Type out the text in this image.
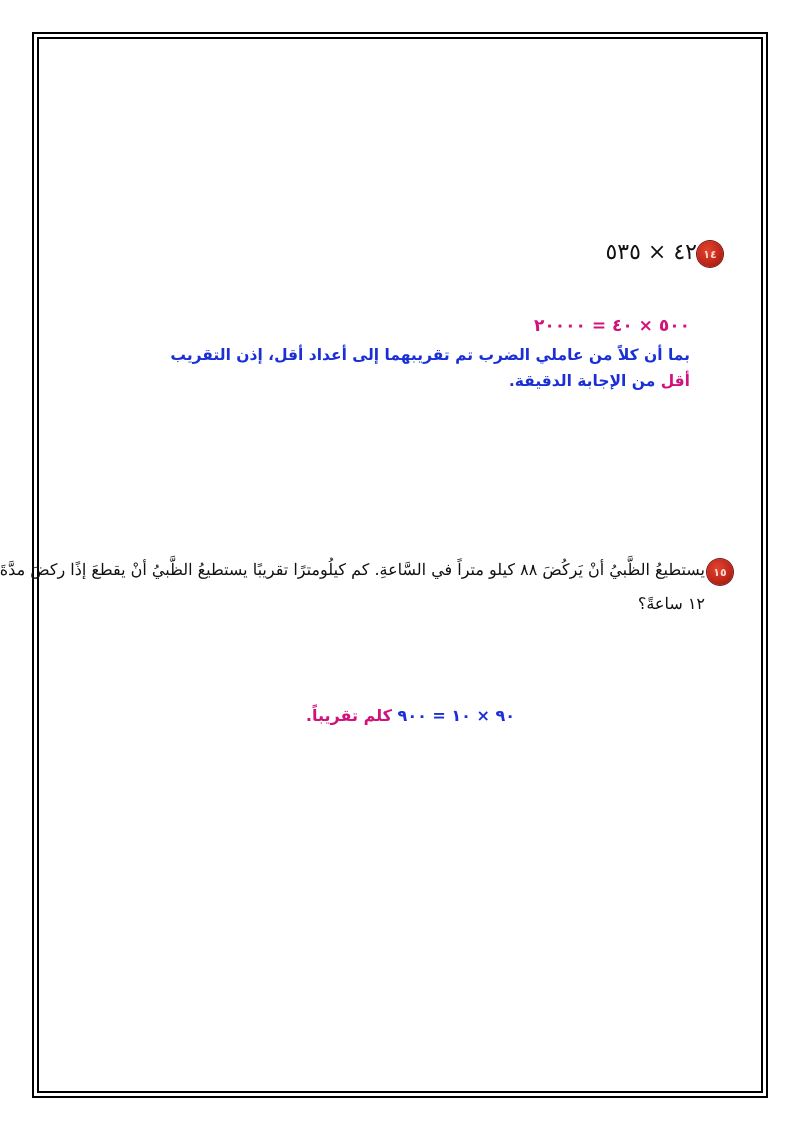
١٤
٤٢ × ٥٣٥
٥٠٠ × ٤٠ = ٢٠٠٠٠
بما أن كلاً من عاملي الضرب تم تقريبهما إلى أعداد أقل، إذن التقريب
أقل من الإجابة الدقيقة.
١٥
يستطيعُ الظَّبيُ أنْ يَركُضَ ٨٨ كيلو متراً في السَّاعةِ. كم كيلُومترًا تقريبًا يستطيعُ الظَّبيُ أنْ يقطعَ إذًا ركضَ مدَّةَ
١٢ ساعةً؟
٩٠ × ١٠ = ٩٠٠ كلم تقريباً.
